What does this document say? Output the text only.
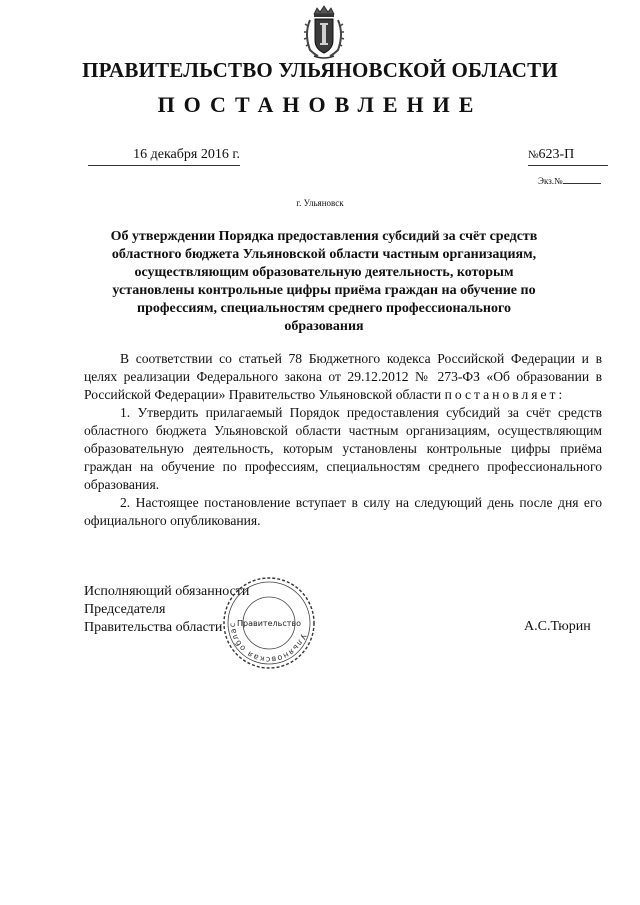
ПРАВИТЕЛЬСТВО УЛЬЯНОВСКОЙ ОБЛАСТИ
ПОСТАНОВЛЕНИЕ
16 декабря 2016 г.	№623-П
Экз.№
г. Ульяновск
Об утверждении Порядка предоставления субсидий за счёт средств областного бюджета Ульяновской области частным организациям, осуществляющим образовательную деятельность, которым установлены контрольные цифры приёма граждан на обучение по профессиям, специальностям среднего профессионального образования

В соответствии со статьей 78 Бюджетного кодекса Российской Федерации и в целях реализации Федерального закона от 29.12.2012 № 273-ФЗ «Об образовании в Российской Федерации» Правительство Ульяновской области постановляет:

1. Утвердить прилагаемый Порядок предоставления субсидий за счёт средств областного бюджета Ульяновской области частным организациям, осуществляющим образовательную деятельность, которым установлены контрольные цифры приёма граждан на обучение по профессиям, специальностям среднего профессионального образования.

2. Настоящее постановление вступает в силу на следующий день после дня его официального опубликования.

Исполняющий обязанности
Председателя
Правительства области	А.С.Тюрин
Ульяновская облас Правительство
